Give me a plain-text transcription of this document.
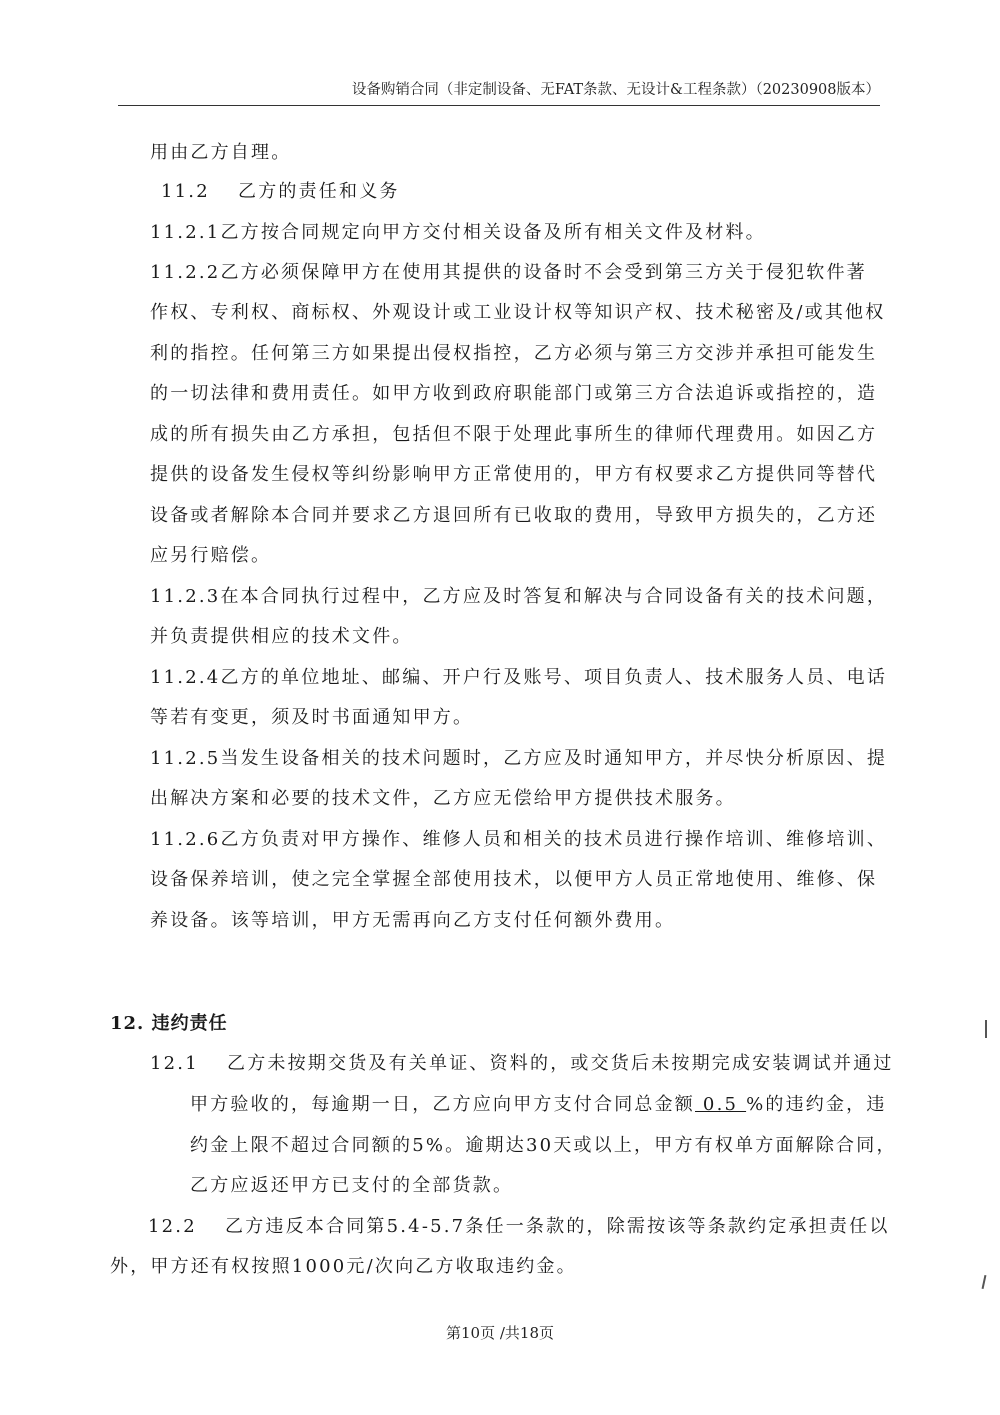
设备购销合同（非定制设备、无FAT条款、无设计&工程条款）（20230908版本）
用由乙方自理。
11.2　 乙方的责任和义务
11.2.1乙方按合同规定向甲方交付相关设备及所有相关文件及材料。
11.2.2乙方必须保障甲方在使用其提供的设备时不会受到第三方关于侵犯软件著
作权、专利权、商标权、外观设计或工业设计权等知识产权、技术秘密及/或其他权
利的指控。任何第三方如果提出侵权指控，乙方必须与第三方交涉并承担可能发生
的一切法律和费用责任。如甲方收到政府职能部门或第三方合法追诉或指控的，造
成的所有损失由乙方承担，包括但不限于处理此事所生的律师代理费用。如因乙方
提供的设备发生侵权等纠纷影响甲方正常使用的，甲方有权要求乙方提供同等替代
设备或者解除本合同并要求乙方退回所有已收取的费用，导致甲方损失的，乙方还
应另行赔偿。
11.2.3在本合同执行过程中，乙方应及时答复和解决与合同设备有关的技术问题，
并负责提供相应的技术文件。
11.2.4乙方的单位地址、邮编、开户行及账号、项目负责人、技术服务人员、电话
等若有变更，须及时书面通知甲方。
11.2.5当发生设备相关的技术问题时，乙方应及时通知甲方，并尽快分析原因、提
出解决方案和必要的技术文件，乙方应无偿给甲方提供技术服务。
11.2.6乙方负责对甲方操作、维修人员和相关的技术员进行操作培训、维修培训、
设备保养培训，使之完全掌握全部使用技术，以便甲方人员正常地使用、维修、保
养设备。该等培训，甲方无需再向乙方支付任何额外费用。
12. 违约责任
12.1　 乙方未按期交货及有关单证、资料的，或交货后未按期完成安装调试并通过
甲方验收的，每逾期一日，乙方应向甲方支付合同总金额 0.5 %的违约金，违
约金上限不超过合同额的5%。逾期达30天或以上，甲方有权单方面解除合同，
乙方应返还甲方已支付的全部货款。
12.2　 乙方违反本合同第5.4-5.7条任一条款的，除需按该等条款约定承担责任以
外，甲方还有权按照1000元/次向乙方收取违约金。
第10页 /共18页
